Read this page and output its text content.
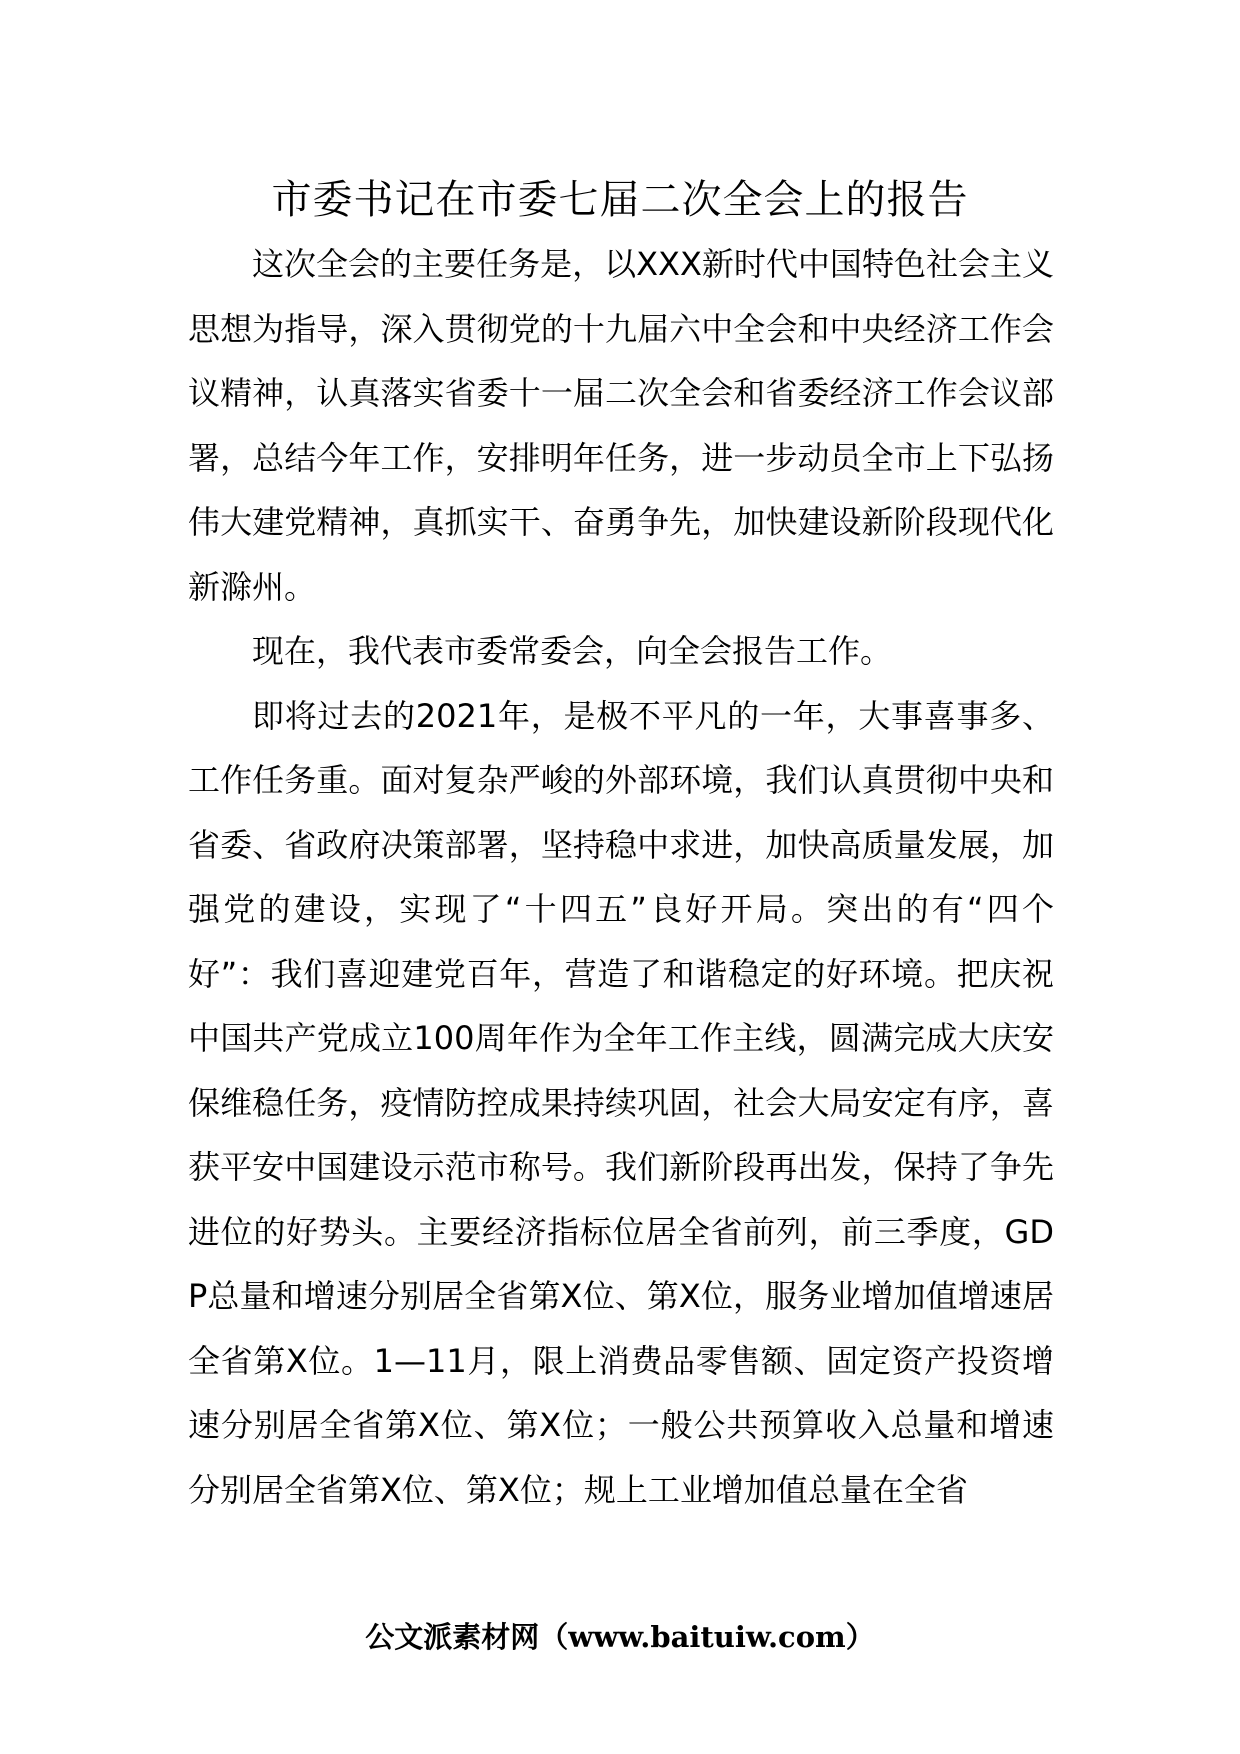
市委书记在市委七届二次全会上的报告

这次全会的主要任务是，以XXX新时代中国特色社会主义思想为指导，深入贯彻党的十九届六中全会和中央经济工作会议精神，认真落实省委十一届二次全会和省委经济工作会议部署，总结今年工作，安排明年任务，进一步动员全市上下弘扬伟大建党精神，真抓实干、奋勇争先，加快建设新阶段现代化新滁州。

现在，我代表市委常委会，向全会报告工作。

即将过去的2021年，是极不平凡的一年，大事喜事多、工作任务重。面对复杂严峻的外部环境，我们认真贯彻中央和省委、省政府决策部署，坚持稳中求进，加快高质量发展，加强党的建设，实现了“十四五”良好开局。突出的有“四个好”：我们喜迎建党百年，营造了和谐稳定的好环境。把庆祝中国共产党成立100周年作为全年工作主线，圆满完成大庆安保维稳任务，疫情防控成果持续巩固，社会大局安定有序，喜获平安中国建设示范市称号。我们新阶段再出发，保持了争先进位的好势头。主要经济指标位居全省前列，前三季度，GDP总量和增速分别居全省第X位、第X位，服务业增加值增速居全省第X位。1—11月，限上消费品零售额、固定资产投资增速分别居全省第X位、第X位；一般公共预算收入总量和增速分别居全省第X位、第X位；规上工业增加值总量在全省

公文派素材网（www.baituiw.com）
